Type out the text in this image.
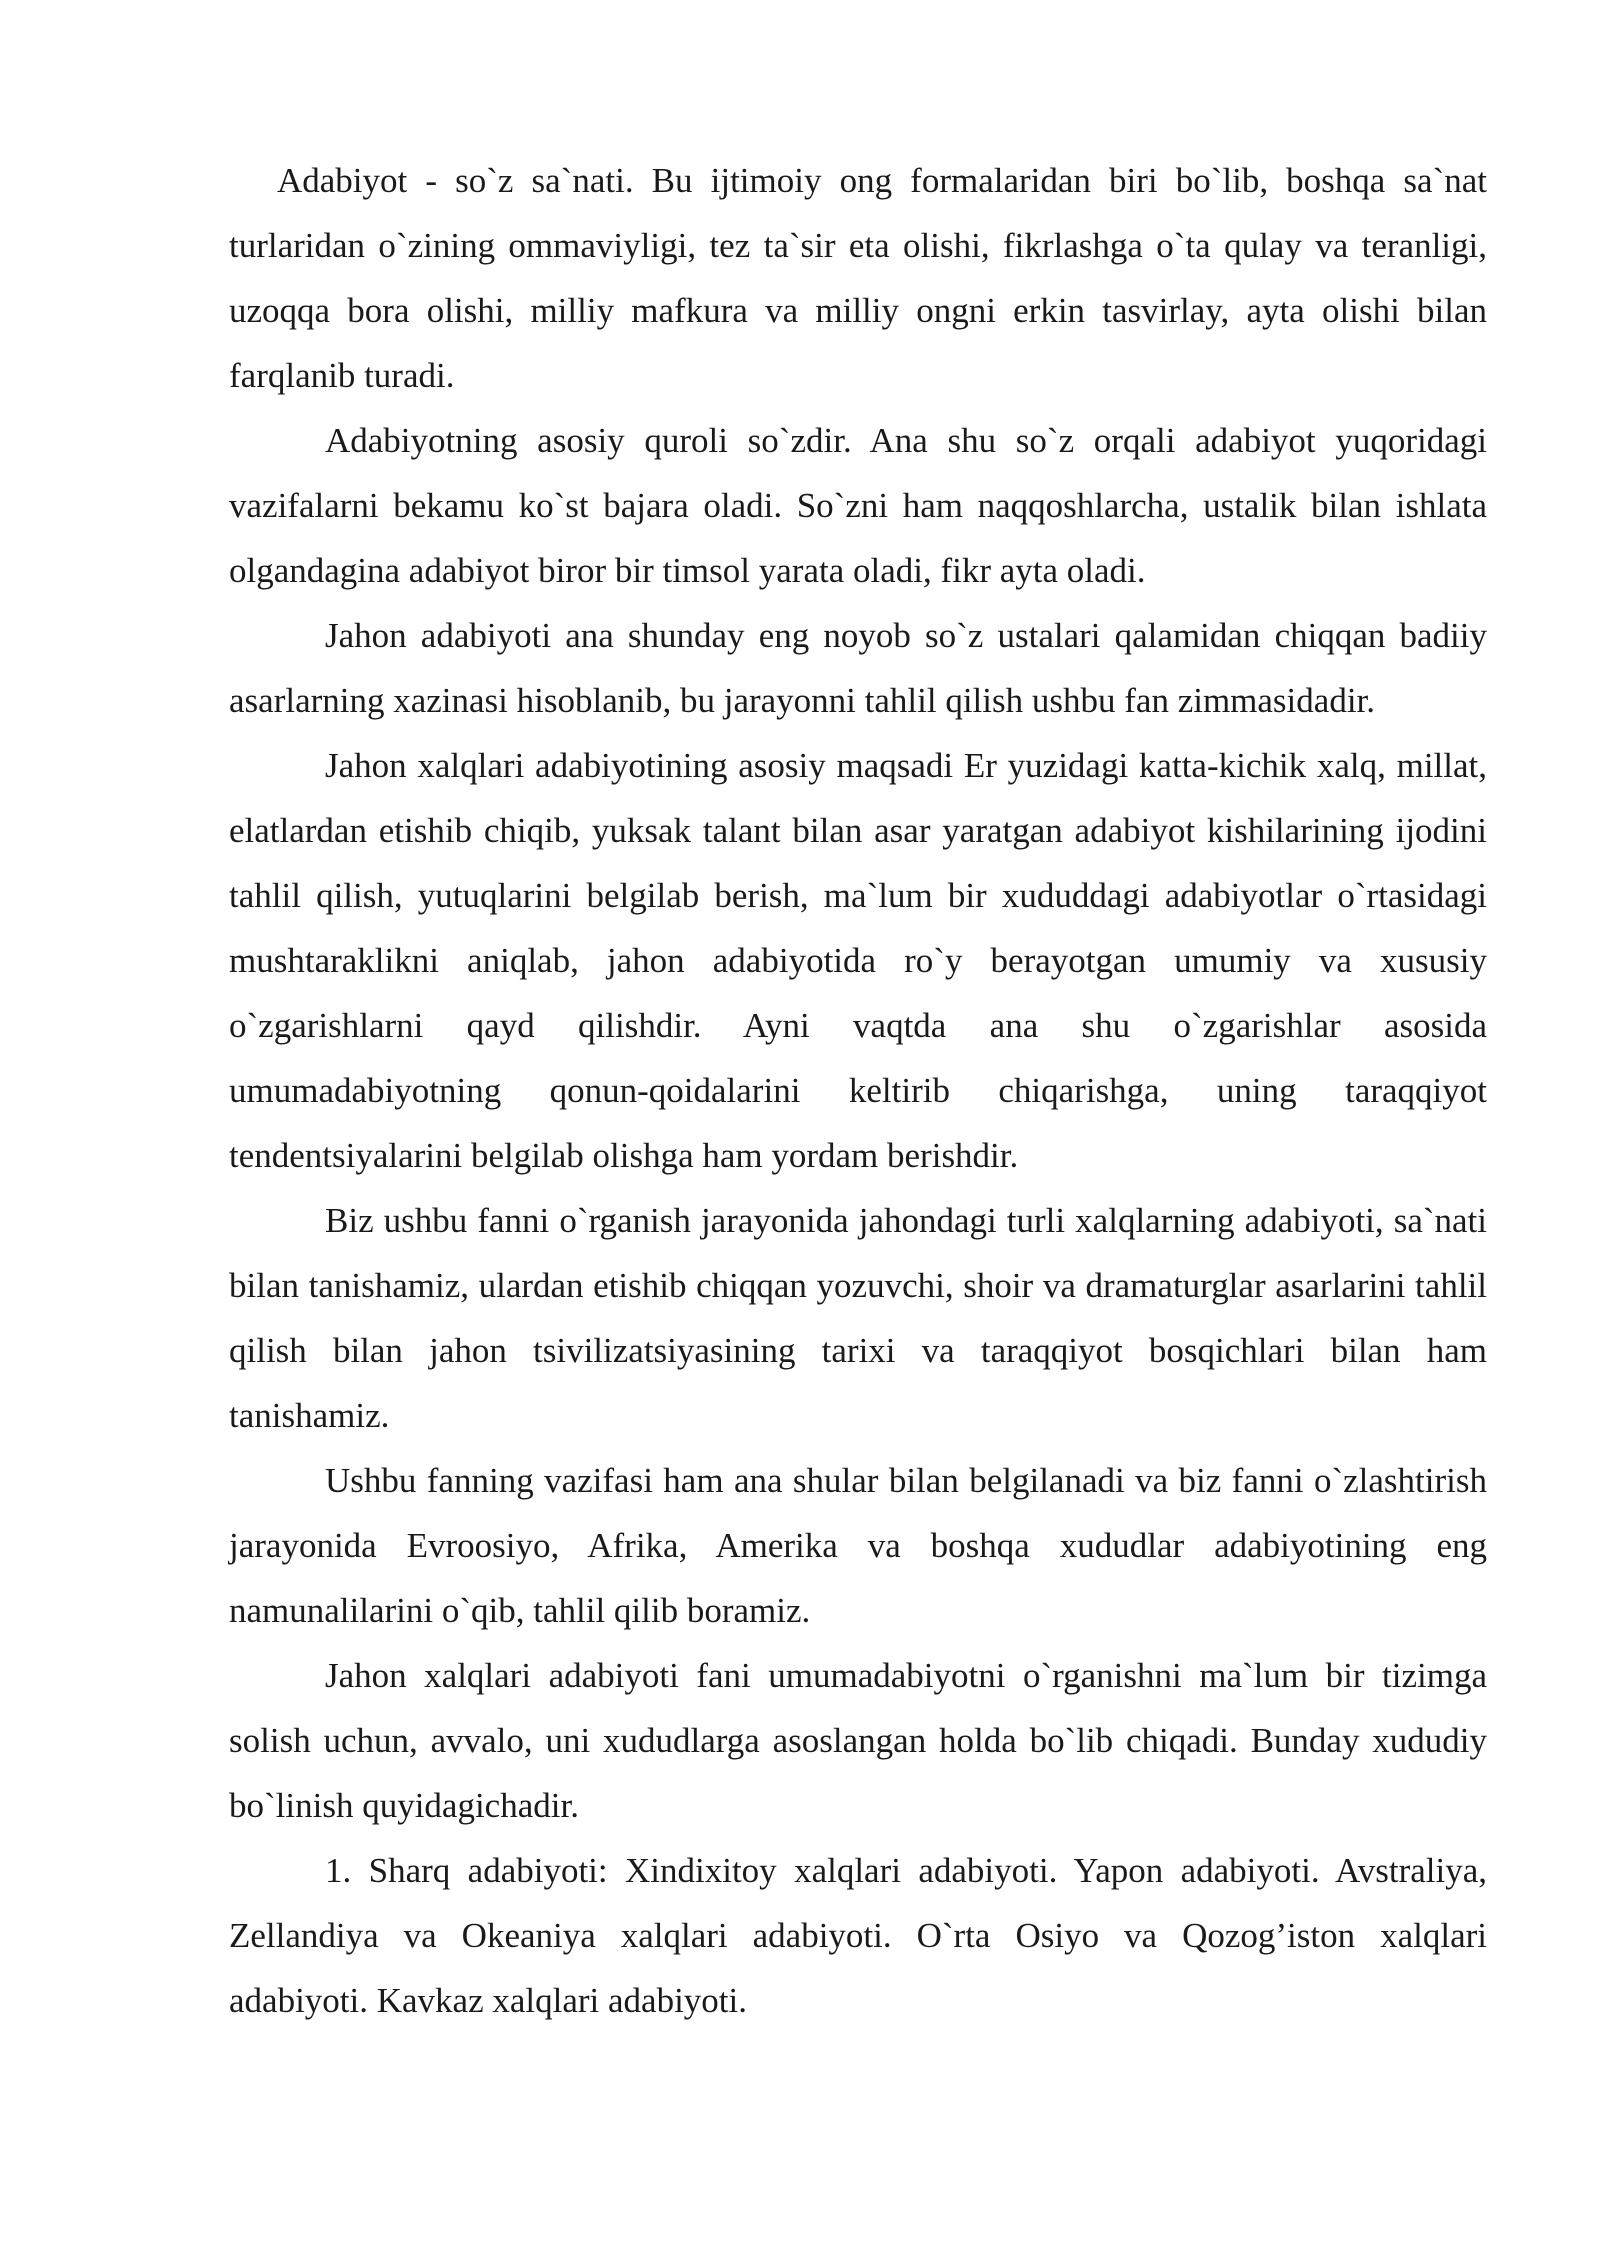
Adabiyot - so`z sa`nati. Bu ijtimoiy ong formalaridan biri bo`lib, boshqa sa`nat turlaridan o`zining ommaviyligi, tez ta`sir eta olishi, fikrlashga o`ta qulay va teranligi, uzoqqa bora olishi, milliy mafkura va milliy ongni erkin tasvirlay, ayta olishi bilan farqlanib turadi.

Adabiyotning asosiy quroli so`zdir. Ana shu so`z orqali adabiyot yuqoridagi vazifalarni bekamu ko`st bajara oladi. So`zni ham naqqoshlarcha, ustalik bilan ishlata olgandagina adabiyot biror bir timsol yarata oladi, fikr ayta oladi.

Jahon adabiyoti ana shunday eng noyob so`z ustalari qalamidan chiqqan badiiy asarlarning xazinasi hisoblanib, bu jarayonni tahlil qilish ushbu fan zimmasidadir.

Jahon xalqlari adabiyotining asosiy maqsadi Er yuzidagi katta-kichik xalq, millat, elatlardan etishib chiqib, yuksak talant bilan asar yaratgan adabiyot kishilarining ijodini tahlil qilish, yutuqlarini belgilab berish, ma`lum bir xududdagi adabiyotlar o`rtasidagi mushtaraklikni aniqlab, jahon adabiyotida ro`y berayotgan umumiy va xususiy o`zgarishlarni qayd qilishdir. Ayni vaqtda ana shu o`zgarishlar asosida umumadabiyotning qonun-qoidalarini keltirib chiqarishga, uning taraqqiyot tendentsiyalarini belgilab olishga ham yordam berishdir.

Biz ushbu fanni o`rganish jarayonida jahondagi turli xalqlarning adabiyoti, sa`nati bilan tanishamiz, ulardan etishib chiqqan yozuvchi, shoir va dramaturglar asarlarini tahlil qilish bilan jahon tsivilizatsiyasining tarixi va taraqqiyot bosqichlari bilan ham tanishamiz.

Ushbu fanning vazifasi ham ana shular bilan belgilanadi va biz fanni o`zlashtirish jarayonida Evroosiyo, Afrika, Amerika va boshqa xududlar adabiyotining eng namunalilarini o`qib, tahlil qilib boramiz.

Jahon xalqlari adabiyoti fani umumadabiyotni o`rganishni ma`lum bir tizimga solish uchun, avvalo, uni xududlarga asoslangan holda bo`lib chiqadi. Bunday xududiy bo`linish quyidagichadir.

1. Sharq adabiyoti: Xindixitoy xalqlari adabiyoti. Yapon adabiyoti. Avstraliya, Zellandiya va Okeaniya xalqlari adabiyoti. O`rta Osiyo va Qozog’iston xalqlari adabiyoti. Kavkaz xalqlari adabiyoti.
